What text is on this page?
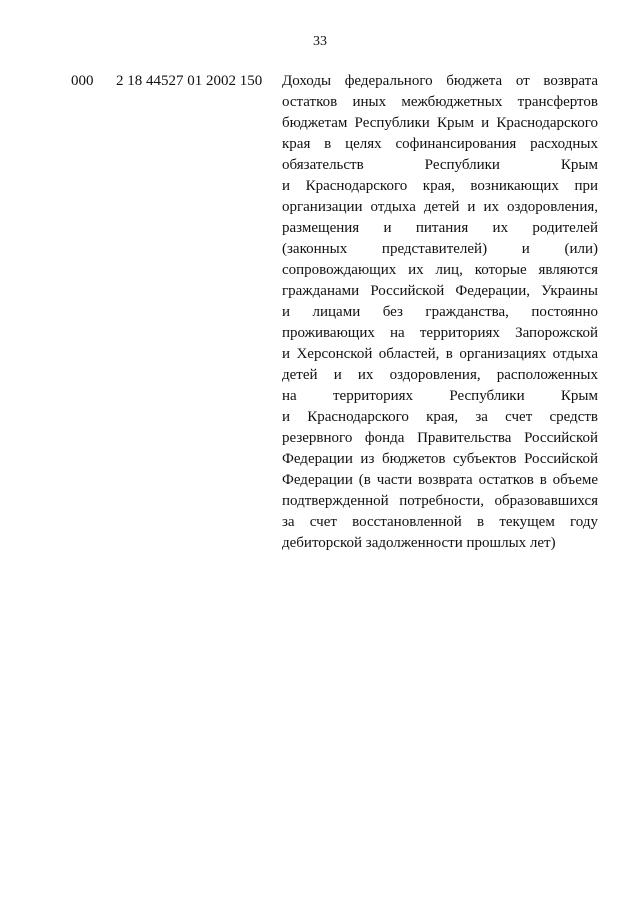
33
000 2 18 44527 01 2002 150 Доходы федерального бюджета от возврата
остатков иных межбюджетных трансфертов
бюджетам Республики Крым и Краснодарского
края в целях софинансирования расходных
обязательств Республики Крым
и Краснодарского края, возникающих при
организации отдыха детей и их оздоровления,
размещения и питания их родителей
(законных представителей) и (или)
сопровождающих их лиц, которые являются
гражданами Российской Федерации, Украины
и лицами без гражданства, постоянно
проживающих на территориях Запорожской
и Херсонской областей, в организациях отдыха
детей и их оздоровления, расположенных
на территориях Республики Крым
и Краснодарского края, за счет средств
резервного фонда Правительства Российской
Федерации из бюджетов субъектов Российской
Федерации (в части возврата остатков в объеме
подтвержденной потребности, образовавшихся
за счет восстановленной в текущем году
дебиторской задолженности прошлых лет)
